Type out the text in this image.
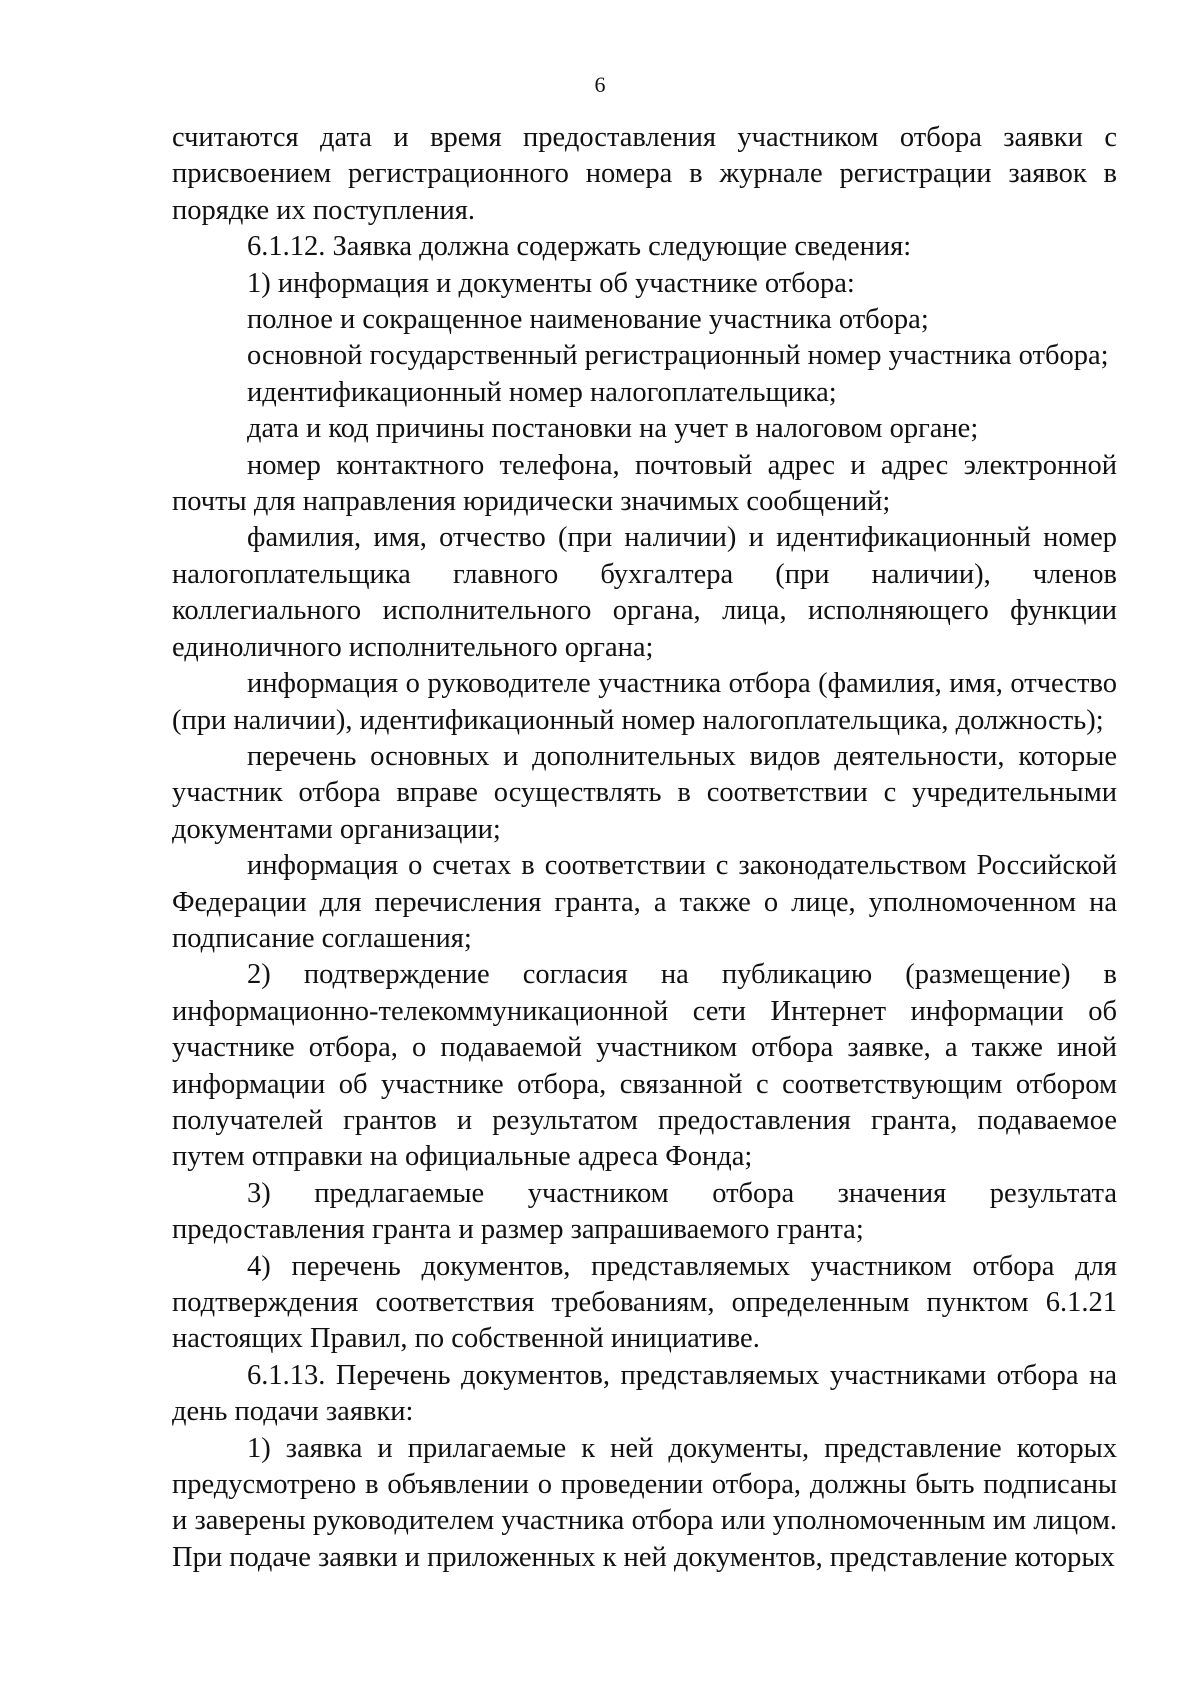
6

считаются дата и время предоставления участником отбора заявки с присвоением регистрационного номера в журнале регистрации заявок в порядке их поступления.

6.1.12. Заявка должна содержать следующие сведения:

1) информация и документы об участнике отбора:

полное и сокращенное наименование участника отбора;

основной государственный регистрационный номер участника отбора;

идентификационный номер налогоплательщика;

дата и код причины постановки на учет в налоговом органе;

номер контактного телефона, почтовый адрес и адрес электронной почты для направления юридически значимых сообщений;

фамилия, имя, отчество (при наличии) и идентификационный номер налогоплательщика главного бухгалтера (при наличии), членов коллегиального исполнительного органа, лица, исполняющего функции единоличного исполнительного органа;

информация о руководителе участника отбора (фамилия, имя, отчество (при наличии), идентификационный номер налогоплательщика, должность);

перечень основных и дополнительных видов деятельности, которые участник отбора вправе осуществлять в соответствии с учредительными документами организации;

информация о счетах в соответствии с законодательством Российской Федерации для перечисления гранта, а также о лице, уполномоченном на подписание соглашения;

2) подтверждение согласия на публикацию (размещение) в информационно-телекоммуникационной сети Интернет информации об участнике отбора, о подаваемой участником отбора заявке, а также иной информации об участнике отбора, связанной с соответствующим отбором получателей грантов и результатом предоставления гранта, подаваемое путем отправки на официальные адреса Фонда;

3) предлагаемые участником отбора значения результата предоставления гранта и размер запрашиваемого гранта;

4) перечень документов, представляемых участником отбора для подтверждения соответствия требованиям, определенным пунктом 6.1.21 настоящих Правил, по собственной инициативе.

6.1.13. Перечень документов, представляемых участниками отбора на день подачи заявки:

1) заявка и прилагаемые к ней документы, представление которых предусмотрено в объявлении о проведении отбора, должны быть подписаны и заверены руководителем участника отбора или уполномоченным им лицом. При подаче заявки и приложенных к ней документов, представление которых
